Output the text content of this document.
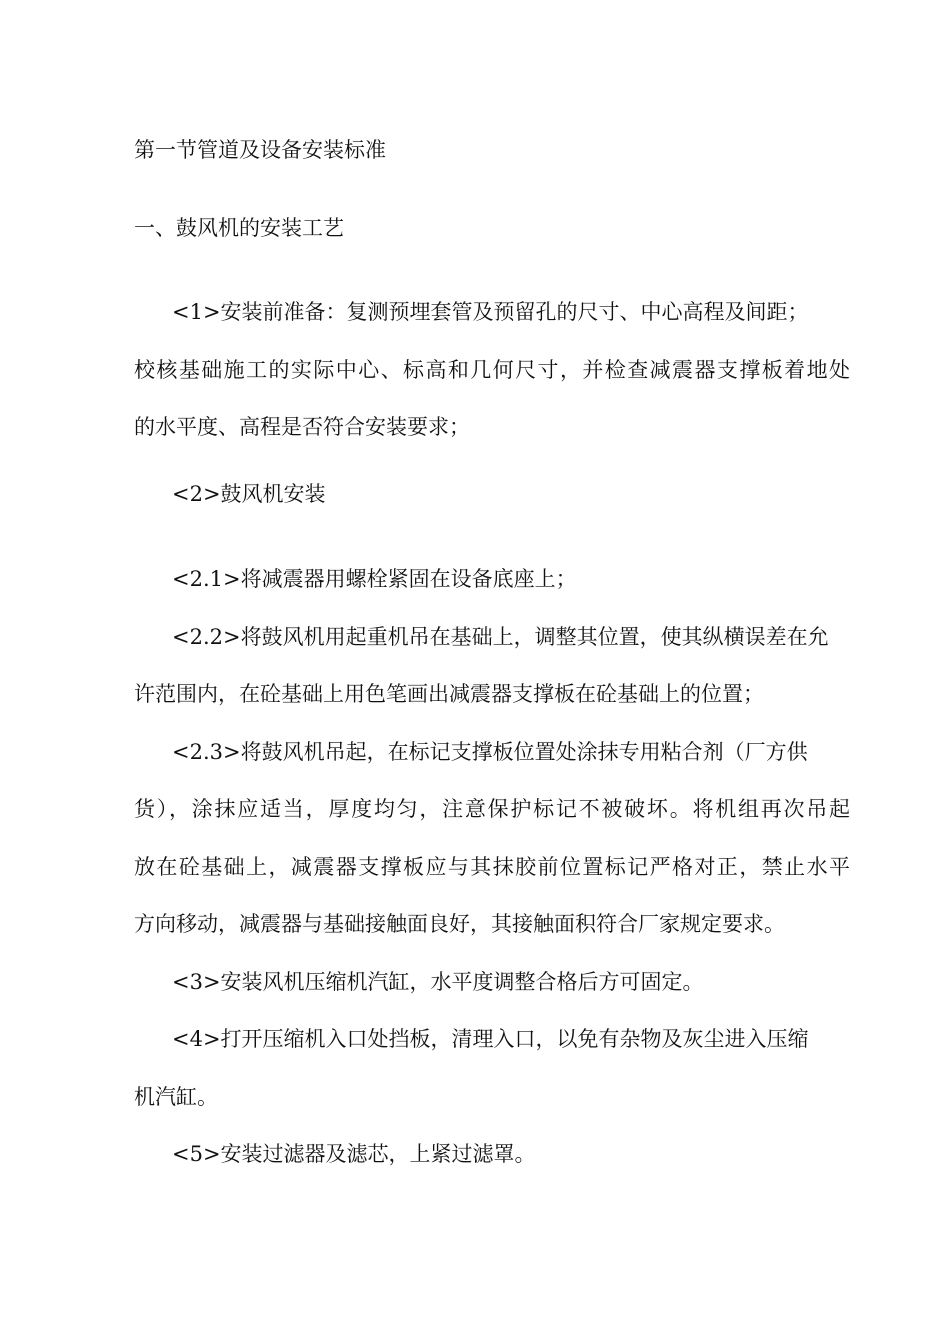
第一节管道及设备安装标准
一、鼓风机的安装工艺
<1>安装前准备：复测预埋套管及预留孔的尺寸、中心高程及间距；
校核基础施工的实际中心、标高和几何尺寸，并检查减震器支撑板着地处
的水平度、高程是否符合安装要求；
<2>鼓风机安装
<2.1>将减震器用螺栓紧固在设备底座上；
<2.2>将鼓风机用起重机吊在基础上，调整其位置，使其纵横误差在允
许范围内，在砼基础上用色笔画出减震器支撑板在砼基础上的位置；
<2.3>将鼓风机吊起，在标记支撑板位置处涂抹专用粘合剂（厂方供
货），涂抹应适当，厚度均匀，注意保护标记不被破坏。将机组再次吊起
放在砼基础上，减震器支撑板应与其抹胶前位置标记严格对正，禁止水平
方向移动，减震器与基础接触面良好，其接触面积符合厂家规定要求。
<3>安装风机压缩机汽缸，水平度调整合格后方可固定。
<4>打开压缩机入口处挡板，清理入口，以免有杂物及灰尘进入压缩
机汽缸。
<5>安装过滤器及滤芯，上紧过滤罩。
